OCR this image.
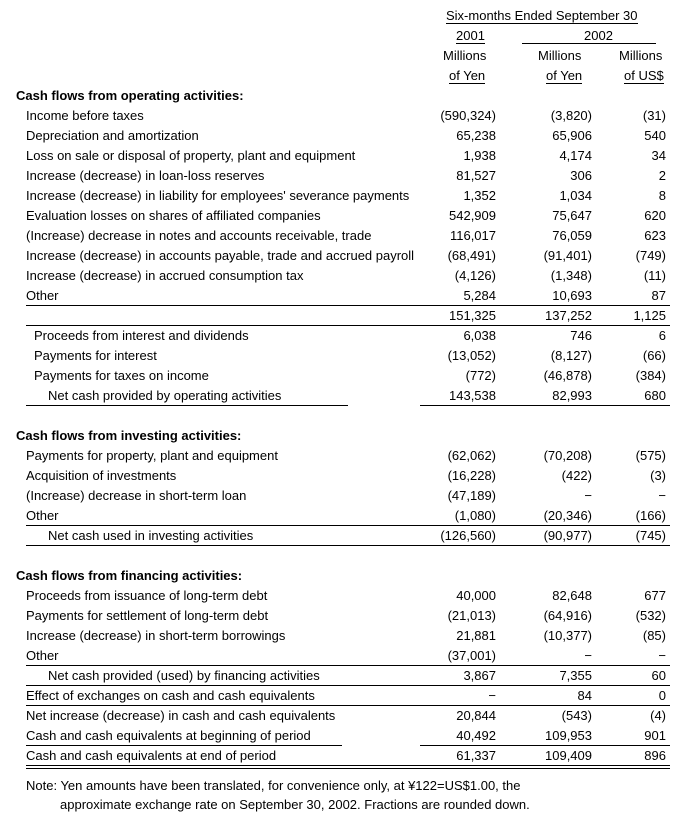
Six-months Ended September 30
2001	2002
Millions
of Yen
Millions
of Yen
Millions
of US$
Cash flows from operating activities:
Income before taxes	(590,324)	(3,820)	(31)
Depreciation and amortization	65,238	65,906	540
Loss on sale or disposal of property, plant and equipment	1,938	4,174	34
Increase (decrease) in loan-loss reserves	81,527	306	2
Increase (decrease) in liability for employees' severance payments	1,352	1,034	8
Evaluation losses on shares of affiliated companies	542,909	75,647	620
(Increase) decrease in notes and accounts receivable, trade	116,017	76,059	623
Increase (decrease) in accounts payable, trade and accrued payroll	(68,491)	(91,401)	(749)
Increase (decrease) in accrued consumption tax	(4,126)	(1,348)	(11)
Other	5,284	10,693	87
151,325	137,252	1,125
Proceeds from interest and dividends	6,038	746	6
Payments for interest	(13,052)	(8,127)	(66)
Payments for taxes on income	(772)	(46,878)	(384)
Net cash provided by operating activities	143,538	82,993	680
Cash flows from investing activities:
Payments for property, plant and equipment	(62,062)	(70,208)	(575)
Acquisition of investments	(16,228)	(422)	(3)
(Increase) decrease in short-term loan	(47,189)	−	−
Other	(1,080)	(20,346)	(166)
Net cash used in investing activities	(126,560)	(90,977)	(745)
Cash flows from financing activities:
Proceeds from issuance of long-term debt	40,000	82,648	677
Payments for settlement of long-term debt	(21,013)	(64,916)	(532)
Increase (decrease) in short-term borrowings	21,881	(10,377)	(85)
Other	(37,001)	−	−
Net cash provided (used) by financing activities	3,867	7,355	60
Effect of exchanges on cash and cash equivalents	−	84	0
Net increase (decrease) in cash and cash equivalents	20,844	(543)	(4)
Cash and cash equivalents at beginning of period	40,492	109,953	901
Cash and cash equivalents at end of period	61,337	109,409	896
Note: Yen amounts have been translated, for convenience only, at ¥122=US$1.00, the
approximate exchange rate on September 30, 2002. Fractions are rounded down.
